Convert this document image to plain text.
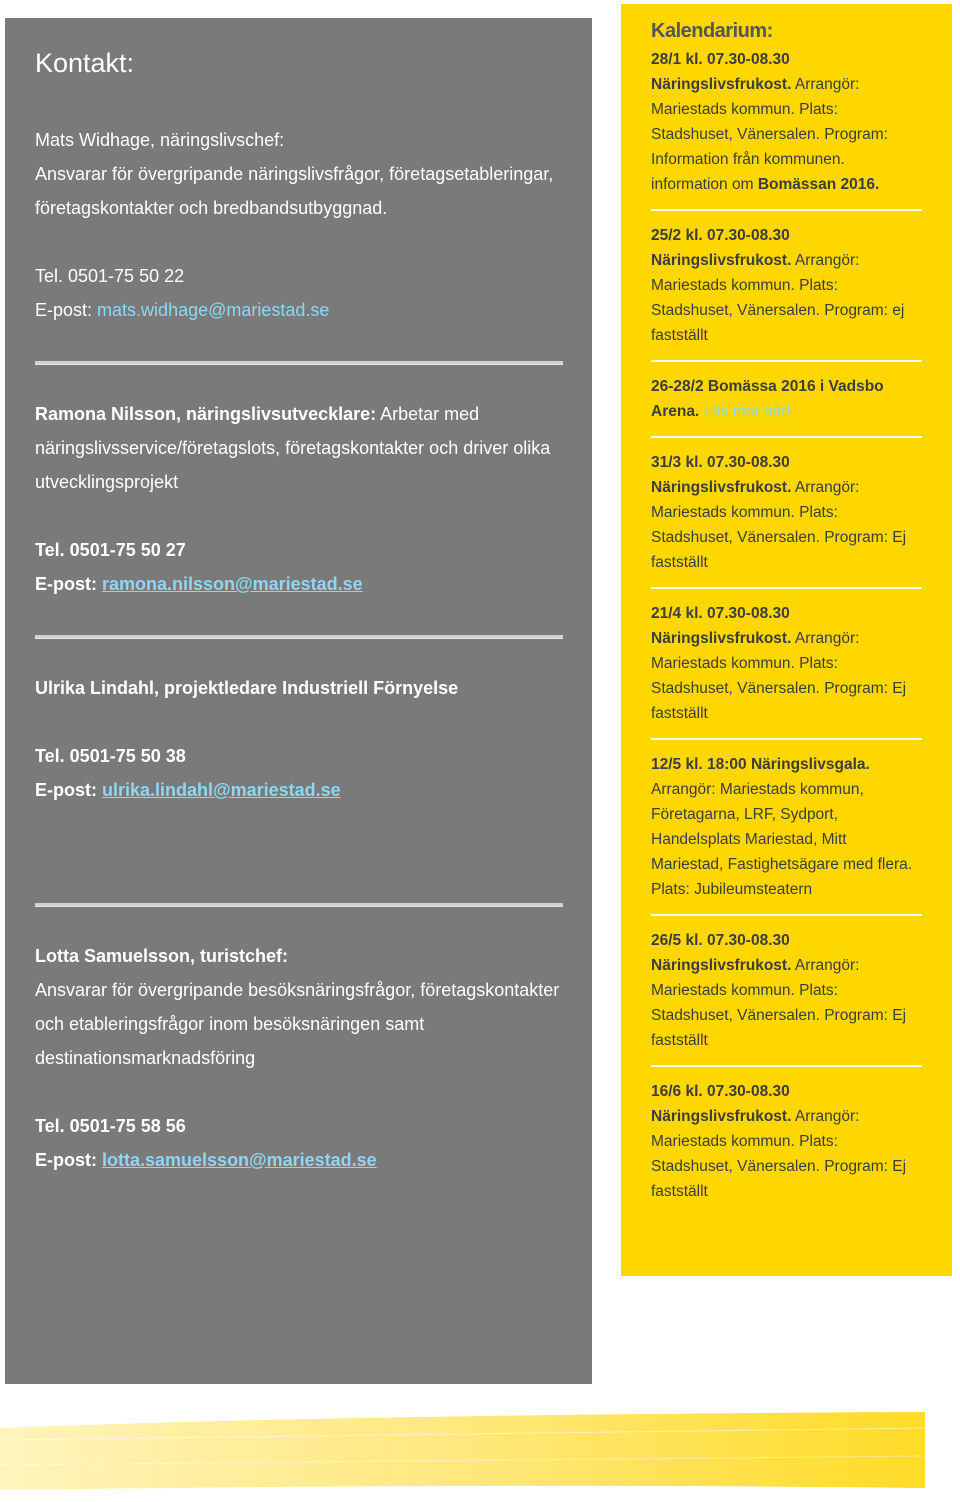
Kontakt:
Mats Widhage, näringslivschef:
Ansvarar för övergripande näringslivsfrågor, företagsetableringar, företagskontakter och bredbandsutbyggnad.
Tel. 0501-75 50 22
E-post: mats.widhage@mariestad.se
Ramona Nilsson, näringslivsutvecklare: Arbetar med näringslivsservice/företagslots, företagskontakter och driver olika utvecklingsprojekt
Tel. 0501-75 50 27
E-post: ramona.nilsson@mariestad.se
Ulrika Lindahl, projektledare Industriell Förnyelse
Tel. 0501-75 50 38
E-post: ulrika.lindahl@mariestad.se
Lotta Samuelsson, turistchef:
Ansvarar för övergripande besöksnäringsfrågor, företagskontakter och etableringsfrågor inom besöksnäringen samt destinationsmarknadsföring
Tel. 0501-75 58 56
E-post: lotta.samuelsson@mariestad.se
Kalendarium:
28/1 kl. 07.30-08.30 Näringslivsfrukost. Arrangör: Mariestads kommun. Plats: Stadshuset, Vänersalen. Program: Information från kommunen. information om Bomässan 2016.
25/2 kl. 07.30-08.30 Näringslivsfrukost. Arrangör: Mariestads kommun. Plats: Stadshuset, Vänersalen. Program: ej fastställt
26-28/2 Bomässa 2016 i Vadsbo Arena. Läs mer här!
31/3 kl. 07.30-08.30 Näringslivsfrukost. Arrangör: Mariestads kommun. Plats: Stadshuset, Vänersalen. Program: Ej fastställt
21/4 kl. 07.30-08.30 Näringslivsfrukost. Arrangör: Mariestads kommun. Plats: Stadshuset, Vänersalen. Program: Ej fastställt
12/5 kl. 18:00 Näringslivsgala. Arrangör: Mariestads kommun, Företagarna, LRF, Sydport, Handelsplats Mariestad, Mitt Mariestad, Fastighetsägare med flera. Plats: Jubileumsteatern
26/5 kl. 07.30-08.30 Näringslivsfrukost. Arrangör: Mariestads kommun. Plats: Stadshuset, Vänersalen. Program: Ej fastställt
16/6 kl. 07.30-08.30 Näringslivsfrukost. Arrangör: Mariestads kommun. Plats: Stadshuset, Vänersalen. Program: Ej fastställt
